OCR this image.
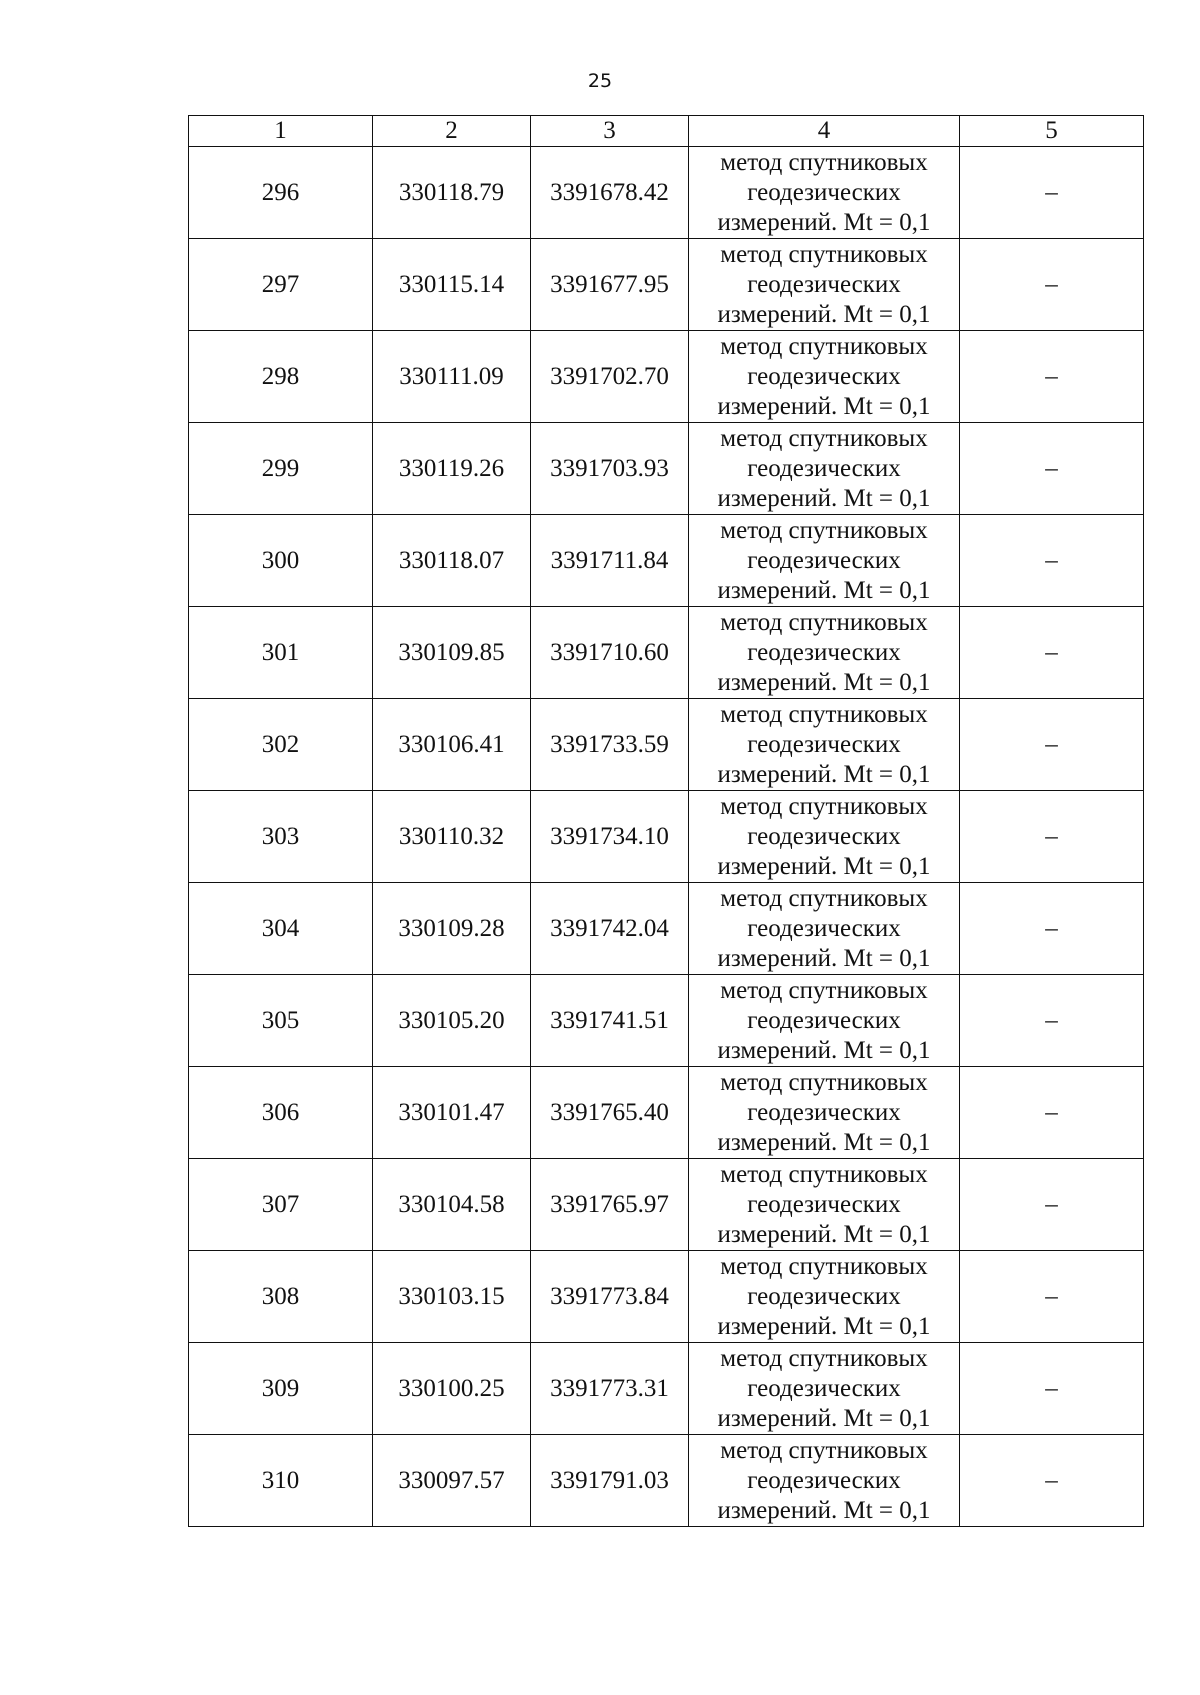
25
1	2	3	4	5
296	330118.79	3391678.42	метод спутниковых геодезических измерений. Mt = 0,1	–
297	330115.14	3391677.95	метод спутниковых геодезических измерений. Mt = 0,1	–
298	330111.09	3391702.70	метод спутниковых геодезических измерений. Mt = 0,1	–
299	330119.26	3391703.93	метод спутниковых геодезических измерений. Mt = 0,1	–
300	330118.07	3391711.84	метод спутниковых геодезических измерений. Mt = 0,1	–
301	330109.85	3391710.60	метод спутниковых геодезических измерений. Mt = 0,1	–
302	330106.41	3391733.59	метод спутниковых геодезических измерений. Mt = 0,1	–
303	330110.32	3391734.10	метод спутниковых геодезических измерений. Mt = 0,1	–
304	330109.28	3391742.04	метод спутниковых геодезических измерений. Mt = 0,1	–
305	330105.20	3391741.51	метод спутниковых геодезических измерений. Mt = 0,1	–
306	330101.47	3391765.40	метод спутниковых геодезических измерений. Mt = 0,1	–
307	330104.58	3391765.97	метод спутниковых геодезических измерений. Mt = 0,1	–
308	330103.15	3391773.84	метод спутниковых геодезических измерений. Mt = 0,1	–
309	330100.25	3391773.31	метод спутниковых геодезических измерений. Mt = 0,1	–
310	330097.57	3391791.03	метод спутниковых геодезических измерений. Mt = 0,1	–
